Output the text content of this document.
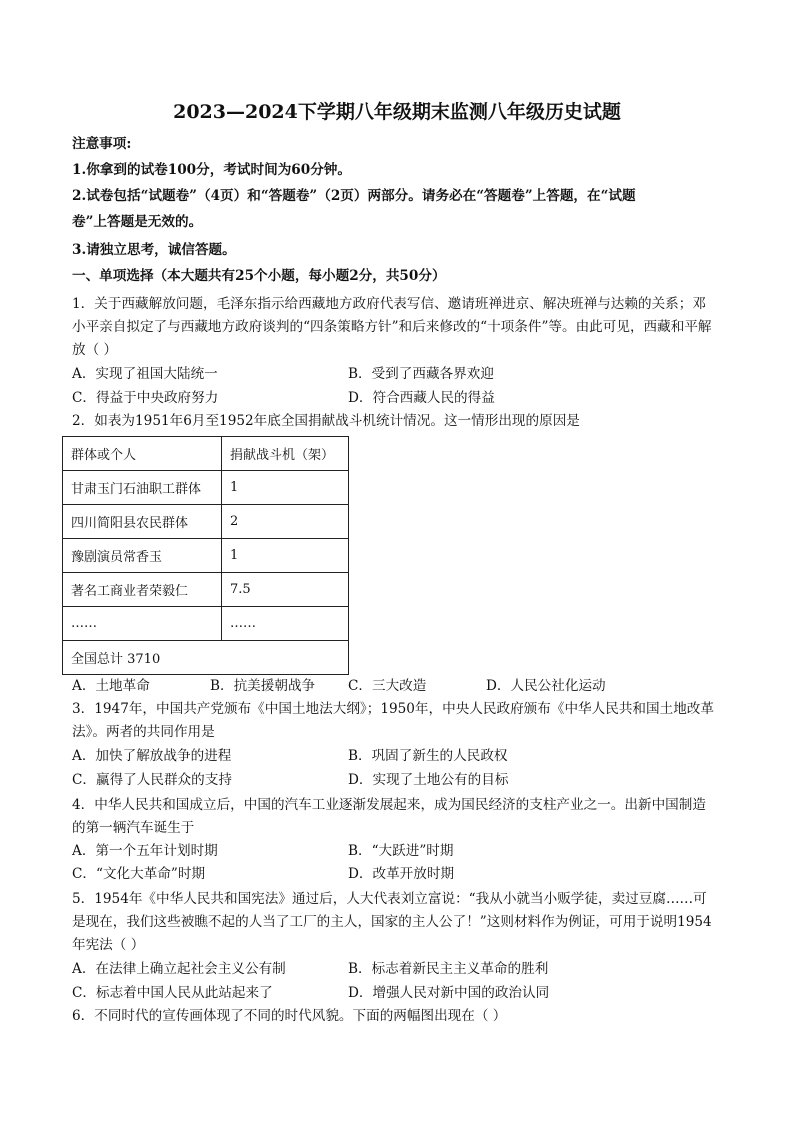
2023—2024下学期八年级期末监测八年级历史试题
注意事项:
1.你拿到的试卷100分，考试时间为60分钟。
2.试卷包括“试题卷”（4页）和“答题卷”（2页）两部分。请务必在“答题卷”上答题，在“试题
卷”上答题是无效的。
3.请独立思考，诚信答题。
一、单项选择（本大题共有25个小题，每小题2分，共50分）
1．关于西藏解放问题，毛泽东指示给西藏地方政府代表写信、邀请班禅进京、解决班禅与达赖的关系；邓
小平亲自拟定了与西藏地方政府谈判的“四条策略方针”和后来修改的“十项条件”等。由此可见，西藏和平解
放（ ）
A．实现了祖国大陆统一	B．受到了西藏各界欢迎
C．得益于中央政府努力	D．符合西藏人民的得益
2．如表为1951年6月至1952年底全国捐献战斗机统计情况。这一情形出现的原因是
群体或个人	捐献战斗机（架）
甘肃玉门石油职工群体	1
四川简阳县农民群体	2
豫剧演员常香玉	1
著名工商业者荣毅仁	7.5
……	……
全国总计 3710	
A．土地革命	B．抗美援朝战争 C．三大改造	D．人民公社化运动
3．1947年，中国共产党颁布《中国土地法大纲》；1950年，中央人民政府颁布《中华人民共和国土地改革
法》。两者的共同作用是
A．加快了解放战争的进程	B．巩固了新生的人民政权
C．赢得了人民群众的支持	D．实现了土地公有的目标
4．中华人民共和国成立后，中国的汽车工业逐渐发展起来，成为国民经济的支柱产业之一。出新中国制造
的第一辆汽车诞生于
A．第一个五年计划时期	B．“大跃进”时期
C．“文化大革命”时期	D．改革开放时期
5．1954年《中华人民共和国宪法》通过后，人大代表刘立富说：“我从小就当小贩学徒，卖过豆腐……可
是现在，我们这些被瞧不起的人当了工厂的主人，国家的主人公了！”这则材料作为例证，可用于说明1954
年宪法（ ）
A．在法律上确立起社会主义公有制	B．标志着新民主主义革命的胜利
C．标志着中国人民从此站起来了	D．增强人民对新中国的政治认同
6．不同时代的宣传画体现了不同的时代风貌。下面的两幅图出现在（ ）
